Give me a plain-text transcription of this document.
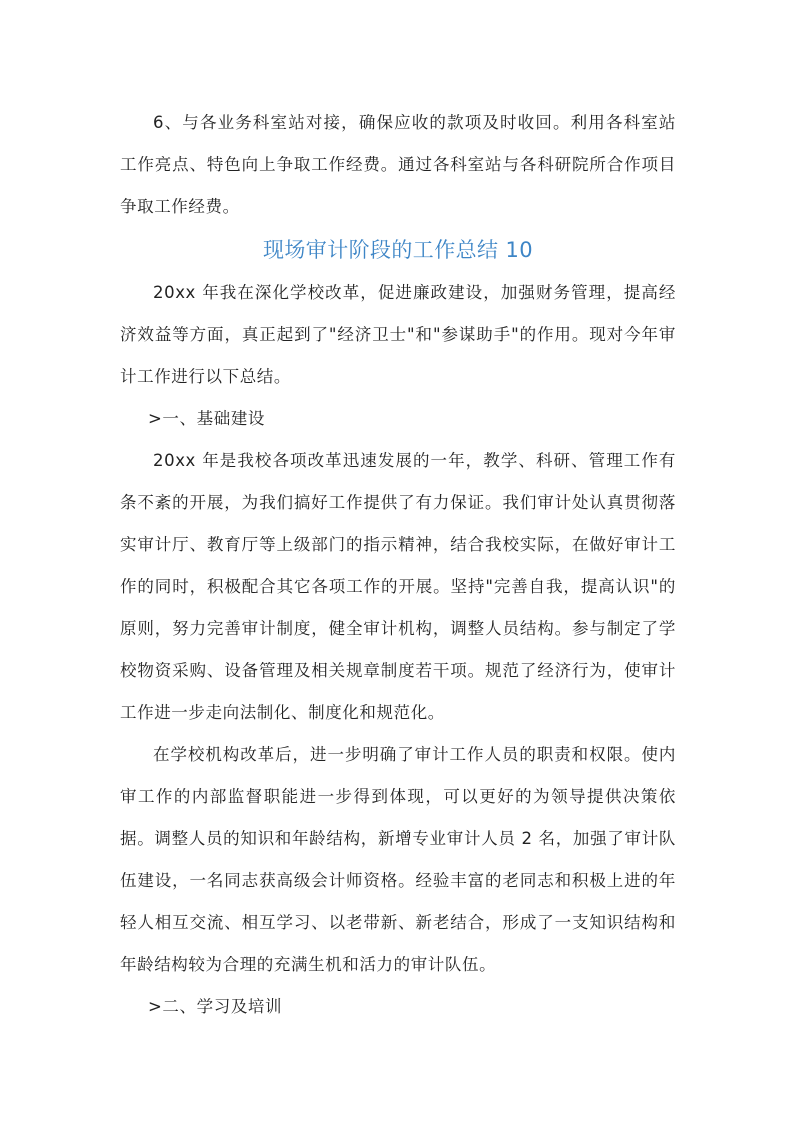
6、与各业务科室站对接，确保应收的款项及时收回。利用各科室站工作亮点、特色向上争取工作经费。通过各科室站与各科研院所合作项目争取工作经费。

现场审计阶段的工作总结 10

20xx 年我在深化学校改革，促进廉政建设，加强财务管理，提高经济效益等方面，真正起到了"经济卫士"和"参谋助手"的作用。现对今年审计工作进行以下总结。

>一、基础建设

20xx 年是我校各项改革迅速发展的一年，教学、科研、管理工作有条不紊的开展，为我们搞好工作提供了有力保证。我们审计处认真贯彻落实审计厅、教育厅等上级部门的指示精神，结合我校实际，在做好审计工作的同时，积极配合其它各项工作的开展。坚持"完善自我，提高认识"的原则，努力完善审计制度，健全审计机构，调整人员结构。参与制定了学校物资采购、设备管理及相关规章制度若干项。规范了经济行为，使审计工作进一步走向法制化、制度化和规范化。

在学校机构改革后，进一步明确了审计工作人员的职责和权限。使内审工作的内部监督职能进一步得到体现，可以更好的为领导提供决策依据。调整人员的知识和年龄结构，新增专业审计人员 2 名，加强了审计队伍建设，一名同志获高级会计师资格。经验丰富的老同志和积极上进的年轻人相互交流、相互学习、以老带新、新老结合，形成了一支知识结构和年龄结构较为合理的充满生机和活力的审计队伍。

>二、学习及培训
